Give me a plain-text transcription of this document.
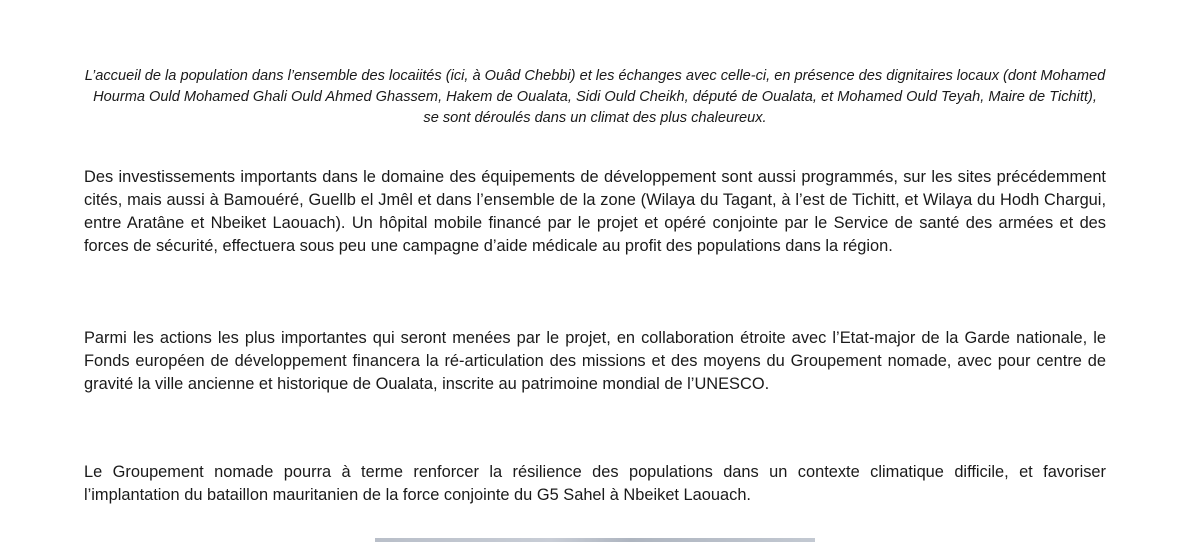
L’accueil de la population dans l’ensemble des locaiités (ici, à Ouâd Chebbi) et les échanges avec celle-ci, en présence des dignitaires locaux (dont Mohamed Hourma Ould Mohamed Ghali Ould Ahmed Ghassem, Hakem de Oualata, Sidi Ould Cheikh, député de Oualata, et Mohamed Ould Teyah, Maire de Tichitt), se sont déroulés dans un climat des plus chaleureux.

Des investissements importants dans le domaine des équipements de développement sont aussi programmés, sur les sites précédemment cités, mais aussi à Bamouéré, Guellb el Jmêl et dans l’ensemble de la zone (Wilaya du Tagant, à l’est de Tichitt, et Wilaya du Hodh Chargui, entre Aratâne et Nbeiket Laouach). Un hôpital mobile financé par le projet et opéré conjointe par le Service de santé des armées et des forces de sécurité, effectuera sous peu une campagne d’aide médicale au profit des populations dans la région.

Parmi les actions les plus importantes qui seront menées par le projet, en collaboration étroite avec l’Etat-major de la Garde nationale, le Fonds européen de développement financera la ré-articulation des missions et des moyens du Groupement nomade, avec pour centre de gravité la ville ancienne et historique de Oualata, inscrite au patrimoine mondial de l’UNESCO.

Le Groupement nomade pourra à terme renforcer la résilience des populations dans un contexte climatique difficile, et favoriser l’implantation du bataillon mauritanien de la force conjointe du G5 Sahel à Nbeiket Laouach.
